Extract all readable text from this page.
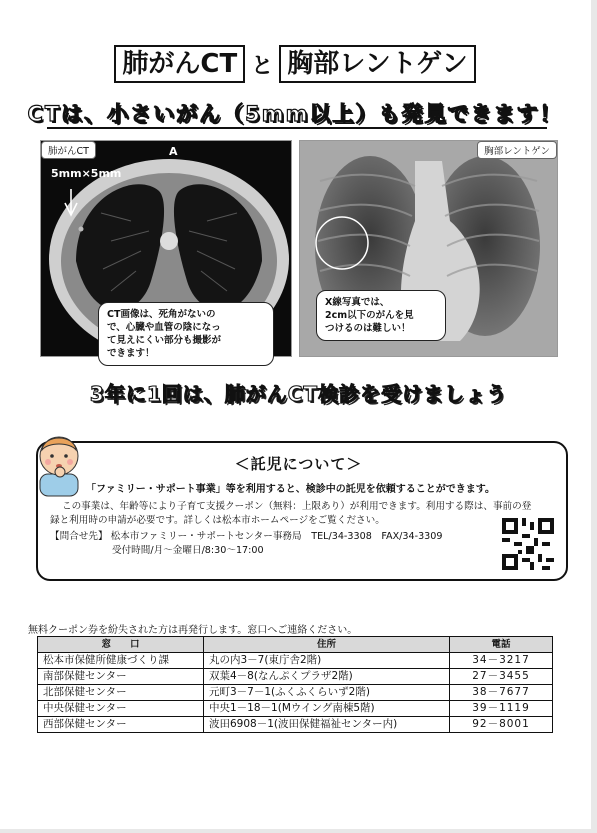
肺がんCT と 胸部レントゲン
CTは、小さいがん（5mm以上）も発見できます！
肺がんCT	A
5mm×5mm
CT画像は、死角がないの
で、心臓や血管の陰になっ
て見えにくい部分も撮影が
できます！
胸部レントゲン
X線写真では、
2cm以下のがんを見
つけるのは難しい！
3年に1回は、肺がんCT検診を受けましょう
＜託児について＞
「ファミリー・サポート事業」等を利用すると、検診中の託児を依頼することができます。
この事業は、年齢等により子育て支援クーポン（無料：上限あり）が利用できます。利用する際は、事前の登
録と利用時の申請が必要です。詳しくは松本市ホームページをご覧ください。
【問合せ先】 松本市ファミリー・サポートセンター事務局　TEL/34-3308　FAX/34-3309
受付時間/月～金曜日/8:30～17:00
無料クーポン券を紛失された方は再発行します。窓口へご連絡ください。
窓　　口	住所	電話
松本市保健所健康づくり課	丸の内3－7(東庁舎2階)	34－3217
南部保健センター	双葉4－8(なんぷくプラザ2階)	27－3455
北部保健センター	元町3－7－1(ふくふくらいず2階)	38－7677
中央保健センター	中央1－18－1(Mウイング南棟5階)	39－1119
西部保健センター	波田6908－1(波田保健福祉センター内)	92－8001
